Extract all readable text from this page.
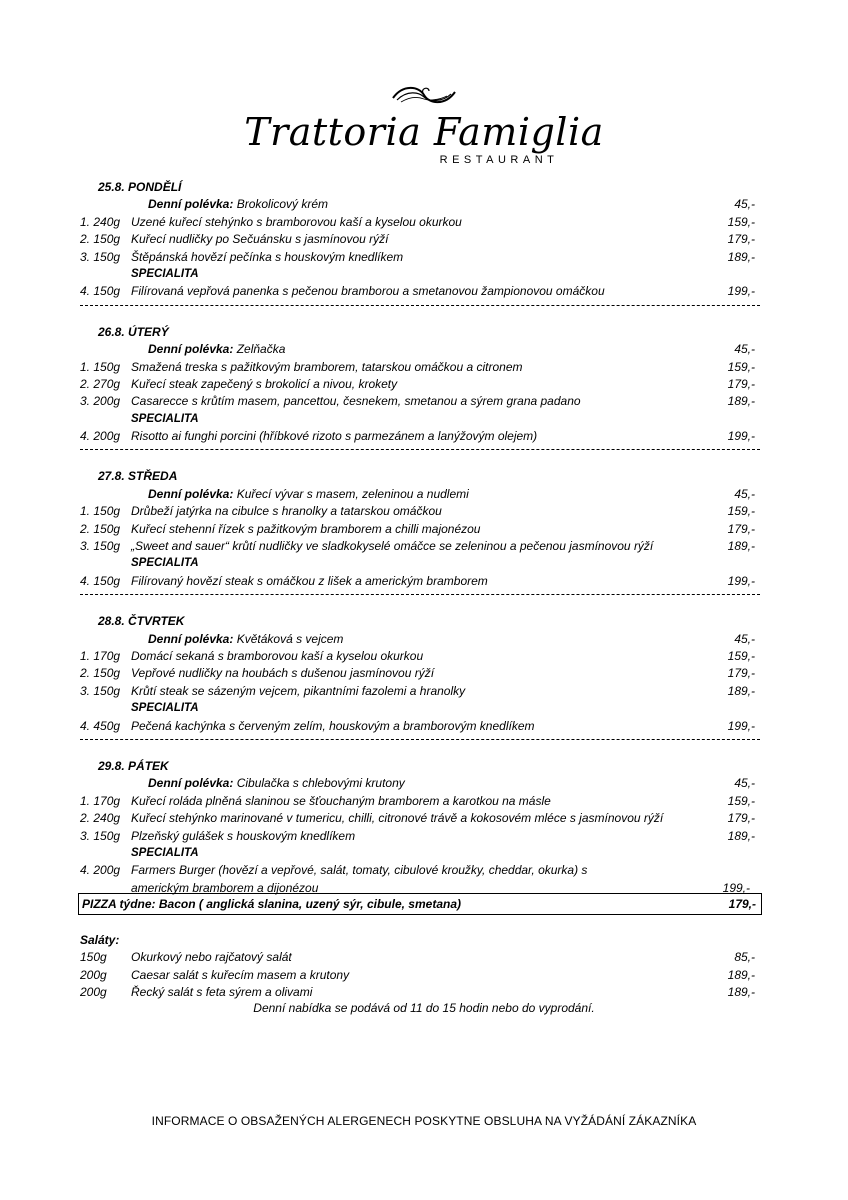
Trattoria Famiglia
RESTAURANT
25.8. PONDĚLÍ
Denní polévka: Brokolicový krém	45,-
1. 240g Uzené kuřecí stehýnko s bramborovou kaší a kyselou okurkou	159,-
2. 150g Kuřecí nudličky po Sečuánsku s jasmínovou rýží	179,-
3. 150g Štěpánská hovězí pečínka s houskovým knedlíkem	189,-
SPECIALITA
4. 150g Filírovaná vepřová panenka s pečenou bramborou a smetanovou žampionovou omáčkou	199,-
26.8. ÚTERÝ
Denní polévka: Zelňačka	45,-
1. 150g Smažená treska s pažitkovým bramborem, tatarskou omáčkou a citronem	159,-
2. 270g Kuřecí steak zapečený s brokolicí a nivou, krokety	179,-
3. 200g Casarecce s krůtím masem, pancettou, česnekem, smetanou a sýrem grana padano	189,-
SPECIALITA
4. 200g Risotto ai funghi porcini (hříbkové rizoto s parmezánem a lanýžovým olejem)	199,-
27.8. STŘEDA
Denní polévka: Kuřecí vývar s masem, zeleninou a nudlemi	45,-
1. 150g Drůbeží jatýrka na cibulce s hranolky a tatarskou omáčkou	159,-
2. 150g Kuřecí stehenní řízek s pažitkovým bramborem a chilli majonézou	179,-
3. 150g „Sweet and sauer“ krůtí nudličky ve sladkokyselé omáčce se zeleninou a pečenou jasmínovou rýží	189,-
SPECIALITA
4. 150g Filírovaný hovězí steak s omáčkou z lišek a americkým bramborem	199,-
28.8. ČTVRTEK
Denní polévka: Květáková s vejcem	45,-
1. 170g Domácí sekaná s bramborovou kaší a kyselou okurkou	159,-
2. 150g Vepřové nudličky na houbách s dušenou jasmínovou rýží	179,-
3. 150g Krůtí steak se sázeným vejcem, pikantními fazolemi a hranolky	189,-
SPECIALITA
4. 450g Pečená kachýnka s červeným zelím, houskovým a bramborovým knedlíkem	199,-
29.8. PÁTEK
Denní polévka: Cibulačka s chlebovými krutony	45,-
1. 170g Kuřecí roláda plněná slaninou se šťouchaným bramborem a karotkou na másle	159,-
2. 240g Kuřecí stehýnko marinované v tumericu, chilli, citronové trávě a kokosovém mléce s jasmínovou rýží	179,-
3. 150g Plzeňský gulášek s houskovým knedlíkem	189,-
SPECIALITA
4. 200g Farmers Burger (hovězí a vepřové, salát, tomaty, cibulové kroužky, cheddar, okurka) s
americkým bramborem a dijonézou	199,-
PIZZA týdne: Bacon ( anglická slanina, uzený sýr, cibule, smetana)	179,-
Saláty:
150g Okurkový nebo rajčatový salát	85,-
200g Caesar salát s kuřecím masem a krutony	189,-
200g Řecký salát s feta sýrem a olivami	189,-
Denní nabídka se podává od 11 do 15 hodin nebo do vyprodání.
INFORMACE O OBSAŽENÝCH ALERGENECH POSKYTNE OBSLUHA NA VYŽÁDÁNÍ ZÁKAZNÍKA
